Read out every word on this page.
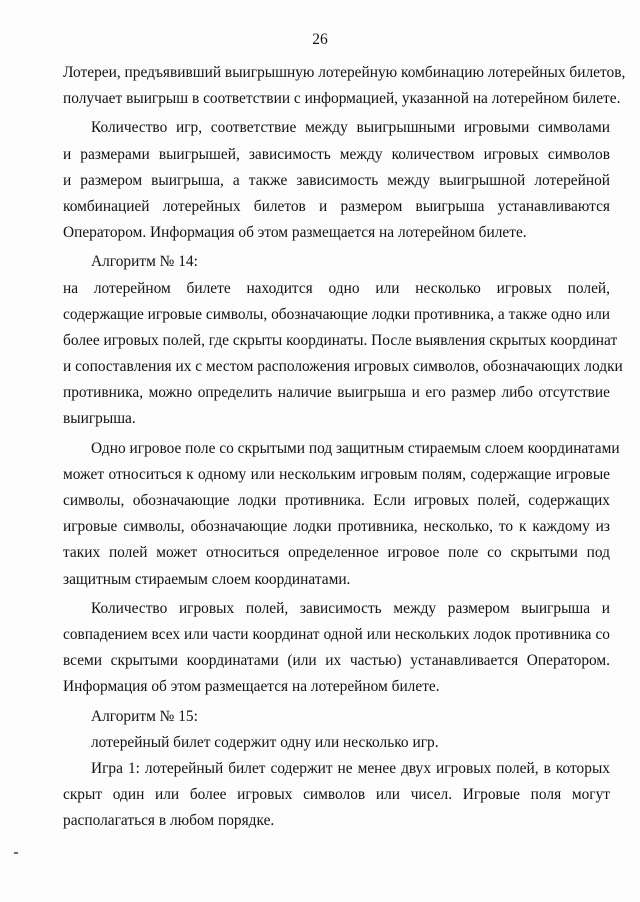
26
Лотереи, предъявивший выигрышную лотерейную комбинацию лотерейных билетов,
получает выигрыш в соответствии с информацией, указанной на лотерейном билете.
Количество игр, соответствие между выигрышными игровыми символами
и размерами выигрышей, зависимость между количеством игровых символов
и размером выигрыша, а также зависимость между выигрышной лотерейной
комбинацией лотерейных билетов и размером выигрыша устанавливаются
Оператором. Информация об этом размещается на лотерейном билете.
Алгоритм № 14:
на лотерейном билете находится одно или несколько игровых полей,
содержащие игровые символы, обозначающие лодки противника, а также одно или
более игровых полей, где скрыты координаты. После выявления скрытых координат
и сопоставления их с местом расположения игровых символов, обозначающих лодки
противника, можно определить наличие выигрыша и его размер либо отсутствие
выигрыша.
Одно игровое поле со скрытыми под защитным стираемым слоем координатами
может относиться к одному или нескольким игровым полям, содержащие игровые
символы, обозначающие лодки противника. Если игровых полей, содержащих
игровые символы, обозначающие лодки противника, несколько, то к каждому из
таких полей может относиться определенное игровое поле со скрытыми под
защитным стираемым слоем координатами.
Количество игровых полей, зависимость между размером выигрыша и
совпадением всех или части координат одной или нескольких лодок противника со
всеми скрытыми координатами (или их частью) устанавливается Оператором.
Информация об этом размещается на лотерейном билете.
Алгоритм № 15:
лотерейный билет содержит одну или несколько игр.
Игра 1: лотерейный билет содержит не менее двух игровых полей, в которых
скрыт один или более игровых символов или чисел. Игровые поля могут
располагаться в любом порядке.
